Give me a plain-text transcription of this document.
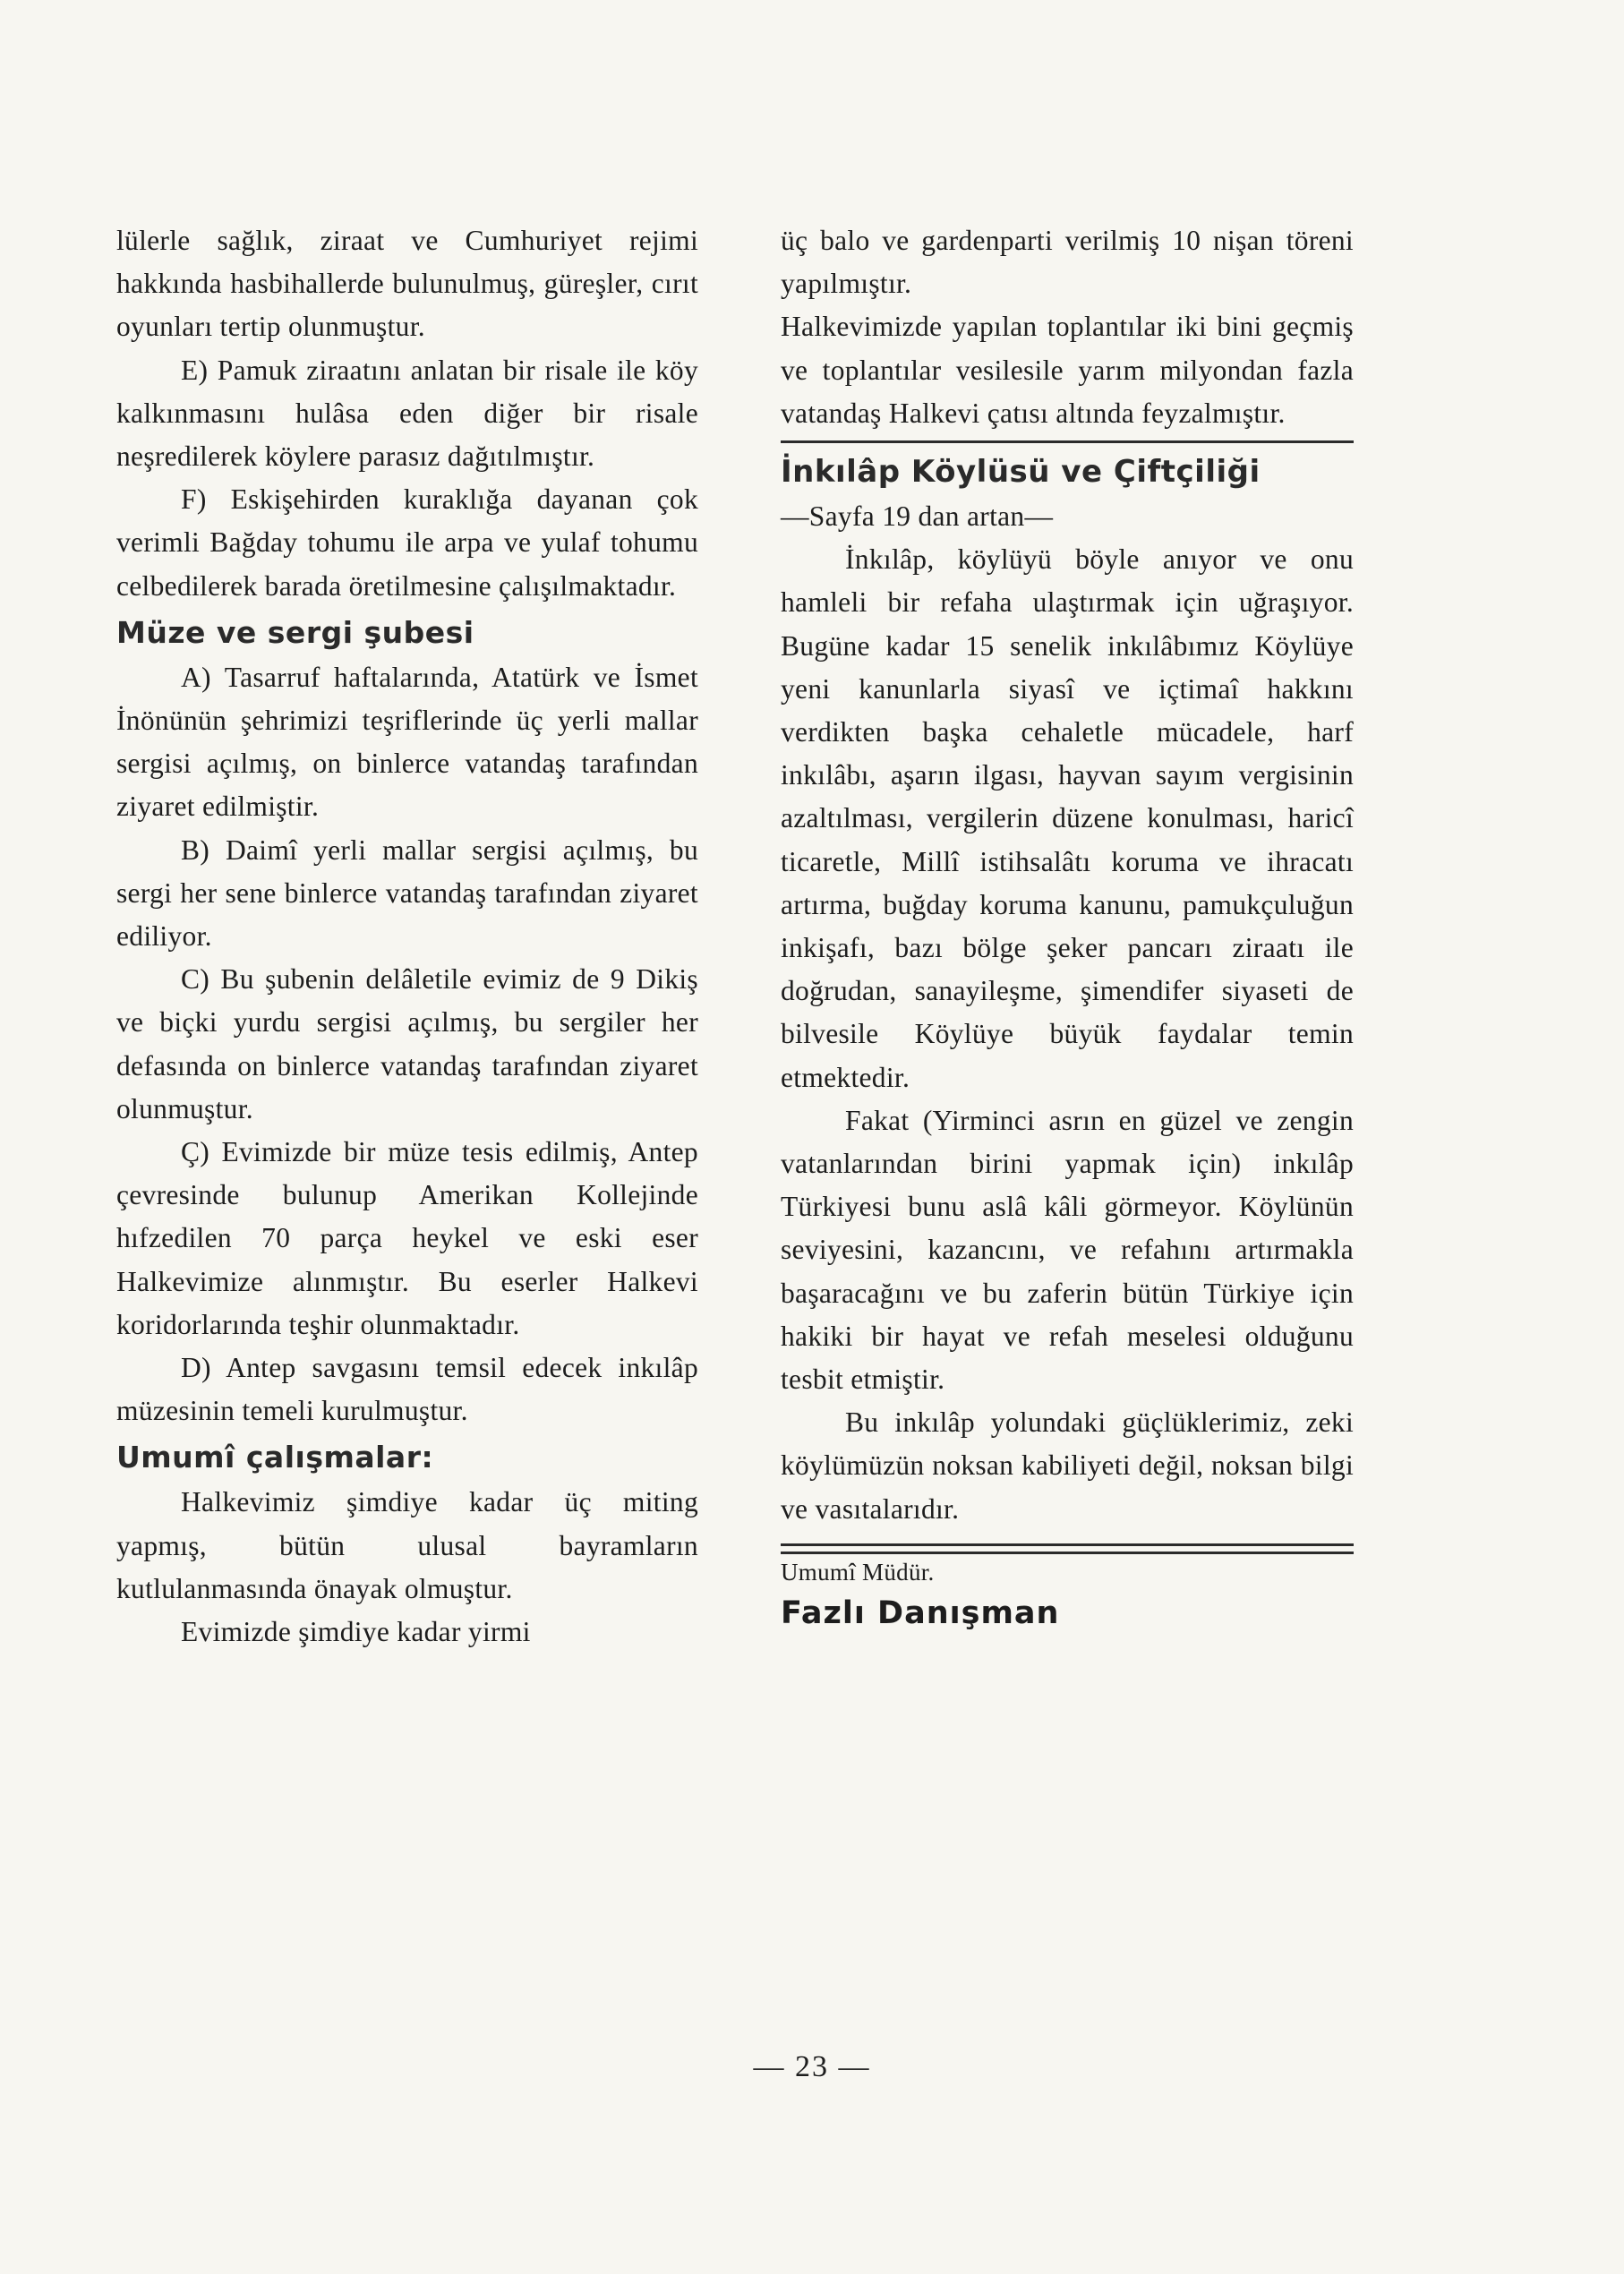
lülerle sağlık, ziraat ve Cumhuriyet rejimi hakkında hasbihallerde bulunulmuş, güreşler, cırıt oyunları tertip olunmuştur.

E) Pamuk ziraatını anlatan bir risale ile köy kalkınmasını hulâsa eden diğer bir risale neşredilerek köylere parasız dağıtılmıştır.

F) Eskişehirden kuraklığa dayanan çok verimli Bağday tohumu ile arpa ve yulaf tohumu celbedilerek barada öretilmesine çalışılmaktadır.

Müze ve sergi şubesi

A) Tasarruf haftalarında, Atatürk ve İsmet İnönünün şehrimizi teşriflerinde üç yerli mallar sergisi açılmış, on binlerce vatandaş tarafından ziyaret edilmiştir.

B) Daimî yerli mallar sergisi açılmış, bu sergi her sene binlerce vatandaş tarafından ziyaret ediliyor.

C) Bu şubenin delâletile evimiz de 9 Dikiş ve biçki yurdu sergisi açılmış, bu sergiler her defasında on binlerce vatandaş tarafından ziyaret olunmuştur.

Ç) Evimizde bir müze tesis edilmiş, Antep çevresinde bulunup Amerikan Kollejinde hıfzedilen 70 parça heykel ve eski eser Halkevimize alınmıştır. Bu eserler Halkevi koridorlarında teşhir olunmaktadır.

D) Antep savgasını temsil edecek inkılâp müzesinin temeli kurulmuştur.

Umumî çalışmalar:

Halkevimiz şimdiye kadar üç miting yapmış, bütün ulusal bayramların kutlulanmasında önayak olmuştur.

Evimizde şimdiye kadar yirmi

üç balo ve gardenparti verilmiş 10 nişan töreni yapılmıştır.

Halkevimizde yapılan toplantılar iki bini geçmiş ve toplantılar vesilesile yarım milyondan fazla vatandaş Halkevi çatısı altında feyzalmıştır.

İnkılâp Köylüsü ve Çiftçiliği

—Sayfa 19 dan artan—

İnkılâp, köylüyü böyle anıyor ve onu hamleli bir refaha ulaştırmak için uğraşıyor. Bugüne kadar 15 senelik inkılâbımız Köylüye yeni kanunlarla siyasî ve içtimaî hakkını verdikten başka cehaletle mücadele, harf inkılâbı, aşarın ilgası, hayvan sayım vergisinin azaltılması, vergilerin düzene konulması, haricî ticaretle, Millî istihsalâtı koruma ve ihracatı artırma, buğday koruma kanunu, pamukçuluğun inkişafı, bazı bölge şeker pancarı ziraatı ile doğrudan, sanayileşme, şimendifer siyaseti de bilvesile Köylüye büyük faydalar temin etmektedir.

Fakat (Yirminci asrın en güzel ve zengin vatanlarından birini yapmak için) inkılâp Türkiyesi bunu aslâ kâli görmeyor. Köylünün seviyesini, kazancını, ve refahını artırmakla başaracağını ve bu zaferin bütün Türkiye için hakiki bir hayat ve refah meselesi olduğunu tesbit etmiştir.

Bu inkılâp yolundaki güçlüklerimiz, zeki köylümüzün noksan kabiliyeti değil, noksan bilgi ve vasıtalarıdır.

Umumî Müdür.

Fazlı Danışman

— 23 —
